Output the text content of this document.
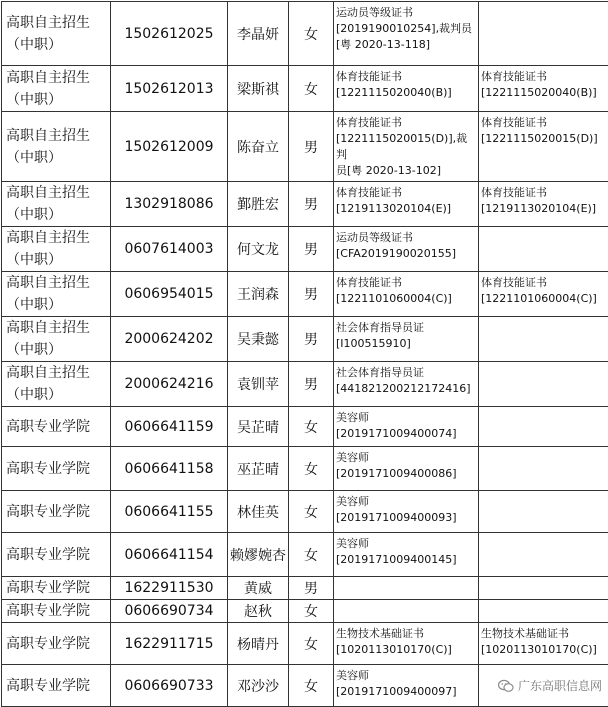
高职自主招生（中职）	1502612025	李晶妍	女	运动员等级证书
[2019190010254],裁判员
[粤 2020-13-118]	

高职自主招生（中职）	1502612013	梁斯祺	女	体育技能证书
[1221115020040(B)]	体育技能证书
[1221115020040(B)]

高职自主招生（中职）	1502612009	陈奋立	男	体育技能证书
[1221115020015(D)],裁判
员[粤 2020-13-102]	体育技能证书
[1221115020015(D)]

高职自主招生（中职）	1302918086	鄞胜宏	男	体育技能证书
[1219113020104(E)]	体育技能证书
[1219113020104(E)]

高职自主招生（中职）	0607614003	何文龙	男	运动员等级证书
[CFA2019190020155]	

高职自主招生（中职）	0606954015	王润森	男	体育技能证书
[1221101060004(C)]	体育技能证书
[1221101060004(C)]

高职自主招生（中职）	2000624202	吴秉懿	男	社会体育指导员证
[I100515910]	

高职自主招生（中职）	2000624216	袁钏苹	男	社会体育指导员证
[441821200212172416]	

高职专业学院	0606641159	吴芷晴	女	美容师
[2019171009400074]	

高职专业学院	0606641158	巫芷晴	女	美容师
[2019171009400086]	

高职专业学院	0606641155	林佳英	女	美容师
[2019171009400093]	

高职专业学院	0606641154	赖嫪婉杏	女	美容师
[2019171009400145]	

高职专业学院	1622911530	黄威	男		
高职专业学院	0606690734	赵秋	女		
高职专业学院	1622911715	杨晴丹	女	生物技术基础证书
[1020113010170(C)]	生物技术基础证书
[1020113010170(C)]

高职专业学院	0606690733	邓沙沙	女	美容师
[2019171009400097]	
		广东高职信息网
